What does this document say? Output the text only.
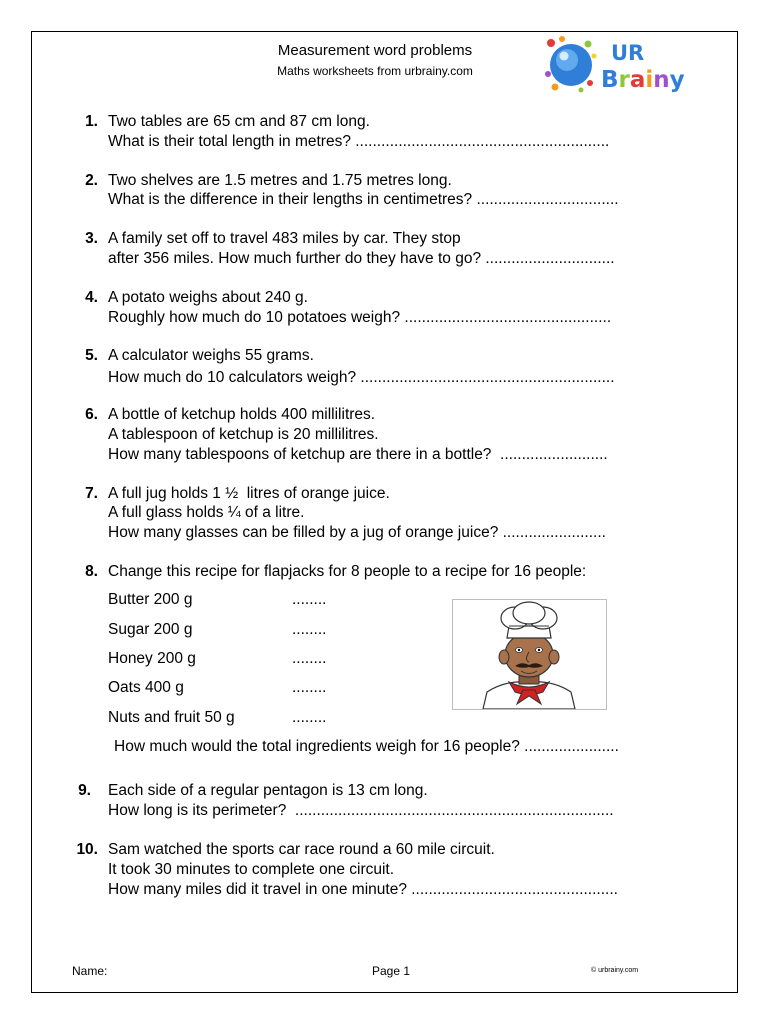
Measurement word problems
Maths worksheets from urbrainy.com
UR
Brainy
1. Two tables are 65 cm and 87 cm long.
What is their total length in metres? ...........................................................
2. Two shelves are 1.5 metres and 1.75 metres long.
What is the difference in their lengths in centimetres? .................................
3. A family set off to travel 483 miles by car. They stop
after 356 miles. How much further do they have to go? ..............................
4. A potato weighs about 240 g.
Roughly how much do 10 potatoes weigh? ................................................
5. A calculator weighs 55 grams.
How much do 10 calculators weigh? ...........................................................
6. A bottle of ketchup holds 400 millilitres.
A tablespoon of ketchup is 20 millilitres.
How many tablespoons of ketchup are there in a bottle?  .........................
7. A full jug holds 1 ½  litres of orange juice.
A full glass holds ¼ of a litre.
How many glasses can be filled by a jug of orange juice? ........................
8. Change this recipe for flapjacks for 8 people to a recipe for 16 people:
Butter 200 g	........
Sugar 200 g	........
Honey 200 g	........
Oats 400 g	........
Nuts and fruit 50 g	........
How much would the total ingredients weigh for 16 people? ......................
9. Each side of a regular pentagon is 13 cm long.
How long is its perimeter?  ..........................................................................
10. Sam watched the sports car race round a 60 mile circuit.
It took 30 minutes to complete one circuit.
How many miles did it travel in one minute? ................................................
Name:	Page 1	© urbrainy.com
